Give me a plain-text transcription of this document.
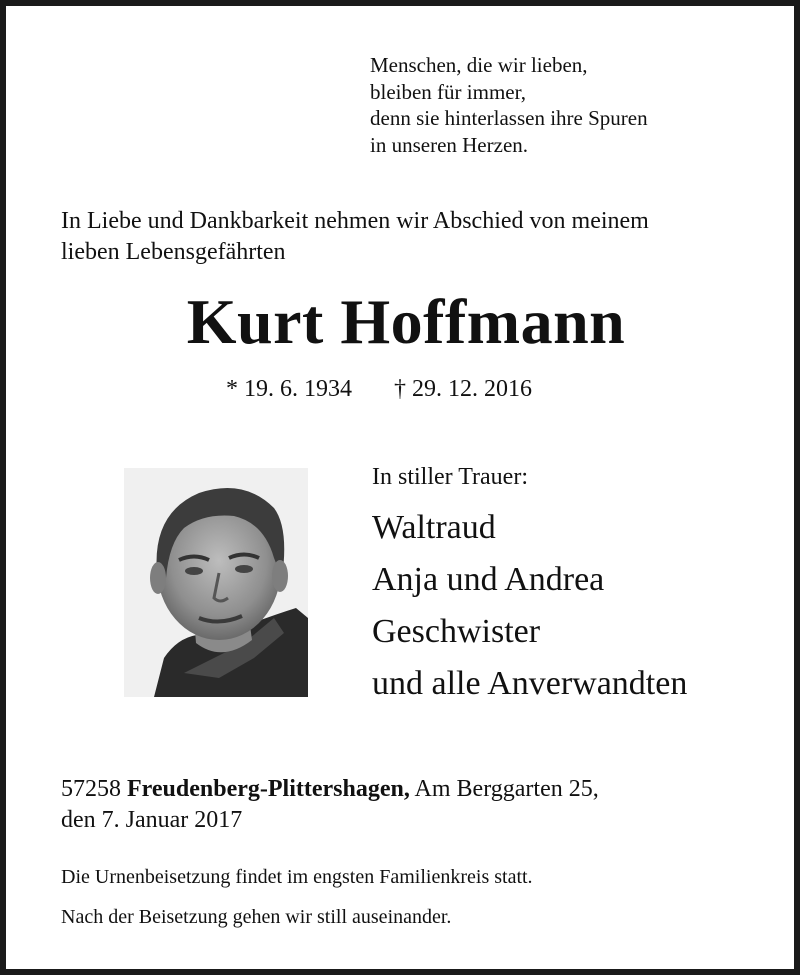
Menschen, die wir lieben,
bleiben für immer,
denn sie hinterlassen ihre Spuren
in unseren Herzen.
In Liebe und Dankbarkeit nehmen wir Abschied von meinem
lieben Lebensgefährten
Kurt Hoffmann
* 19. 6. 1934 † 29. 12. 2016
In stiller Trauer:
Waltraud
Anja und Andrea
Geschwister
und alle Anverwandten
57258 Freudenberg-Plittershagen, Am Berggarten 25,
den 7. Januar 2017
Die Urnenbeisetzung findet im engsten Familienkreis statt.
Nach der Beisetzung gehen wir still auseinander.
